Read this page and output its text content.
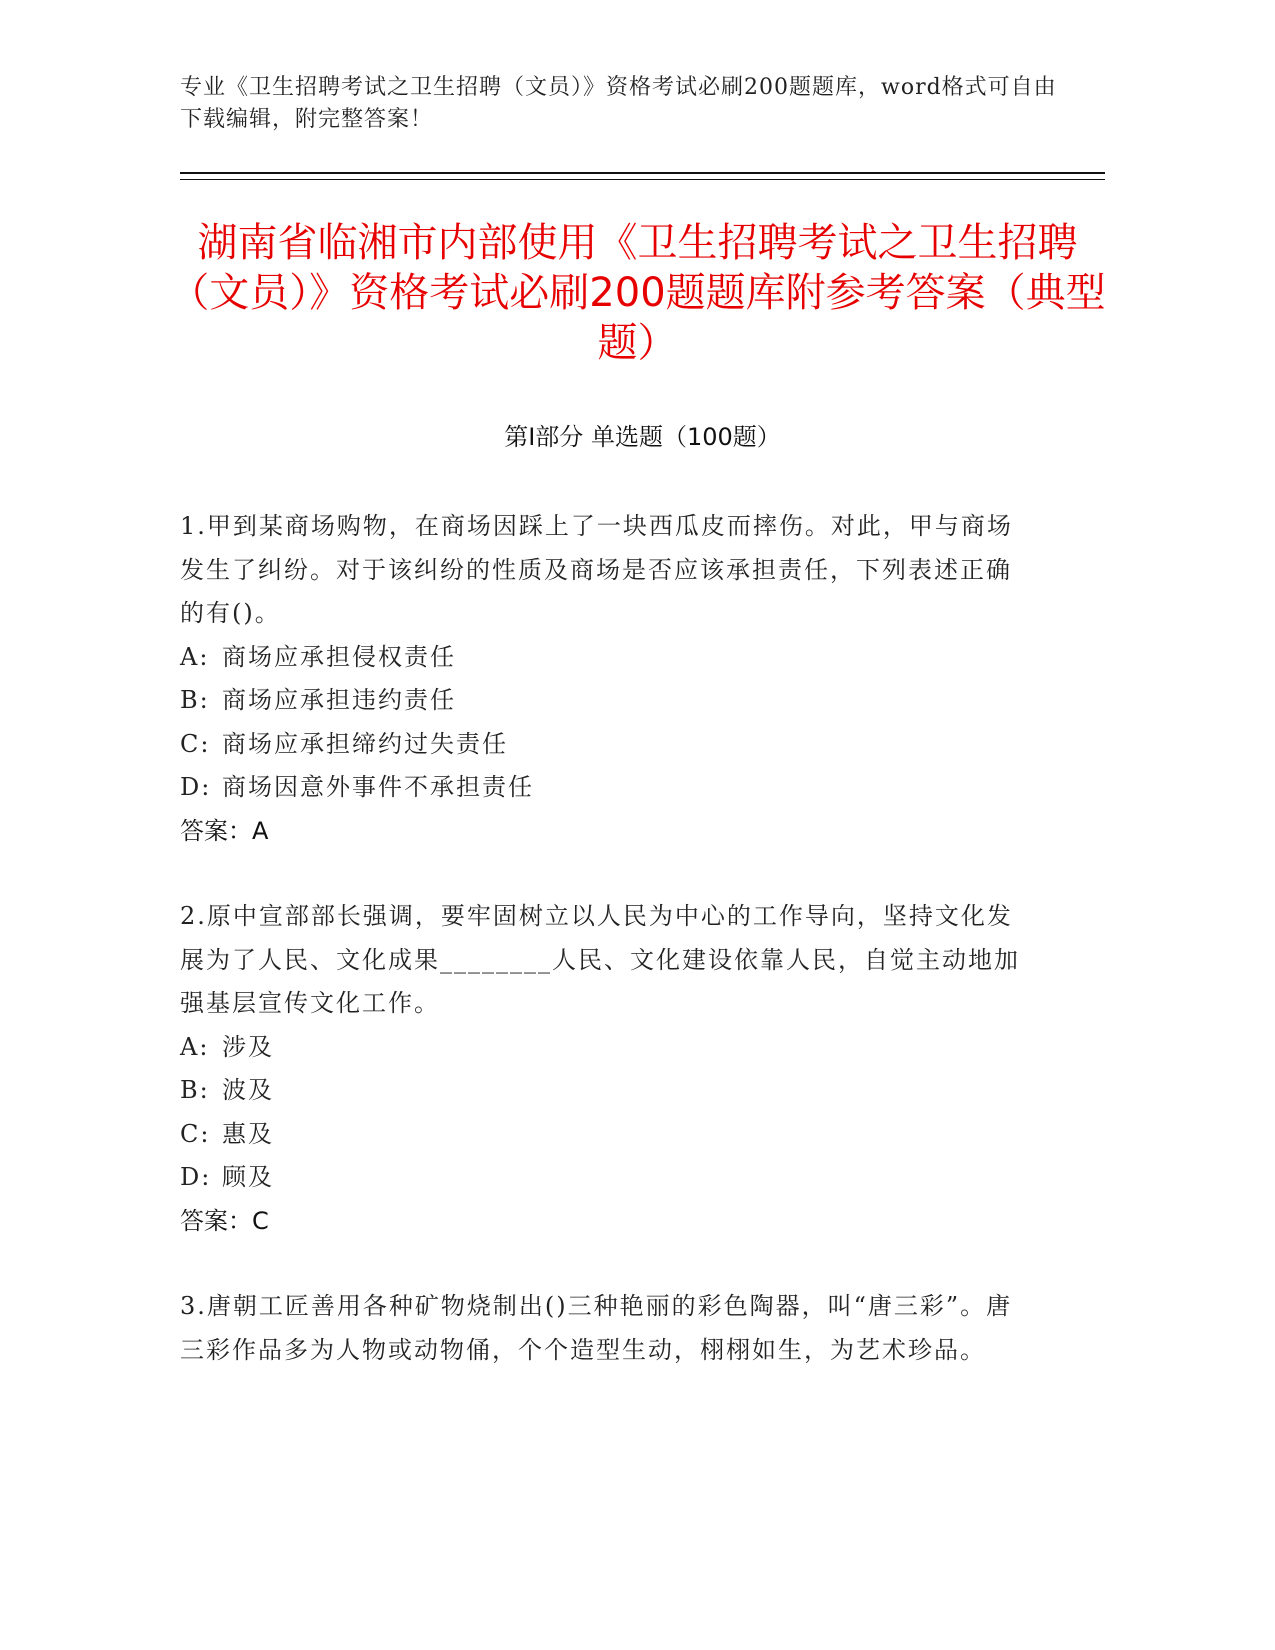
专业《卫生招聘考试之卫生招聘（文员）》资格考试必刷200题题库，word格式可自由下载编辑，附完整答案！
湖南省临湘市内部使用《卫生招聘考试之卫生招聘（文员）》资格考试必刷200题题库附参考答案（典型题）
第Ⅰ部分 单选题（100题）
1.甲到某商场购物，在商场因踩上了一块西瓜皮而摔伤。对此，甲与商场发生了纠纷。对于该纠纷的性质及商场是否应该承担责任，下列表述正确的有()。
A: 商场应承担侵权责任
B: 商场应承担违约责任
C: 商场应承担缔约过失责任
D: 商场因意外事件不承担责任
答案：A
2.原中宣部部长强调，要牢固树立以人民为中心的工作导向，坚持文化发展为了人民、文化成果________人民、文化建设依靠人民，自觉主动地加强基层宣传文化工作。
A: 涉及
B: 波及
C: 惠及
D: 顾及
答案：C
3.唐朝工匠善用各种矿物烧制出()三种艳丽的彩色陶器，叫“唐三彩”。唐三彩作品多为人物或动物俑，个个造型生动，栩栩如生，为艺术珍品。
